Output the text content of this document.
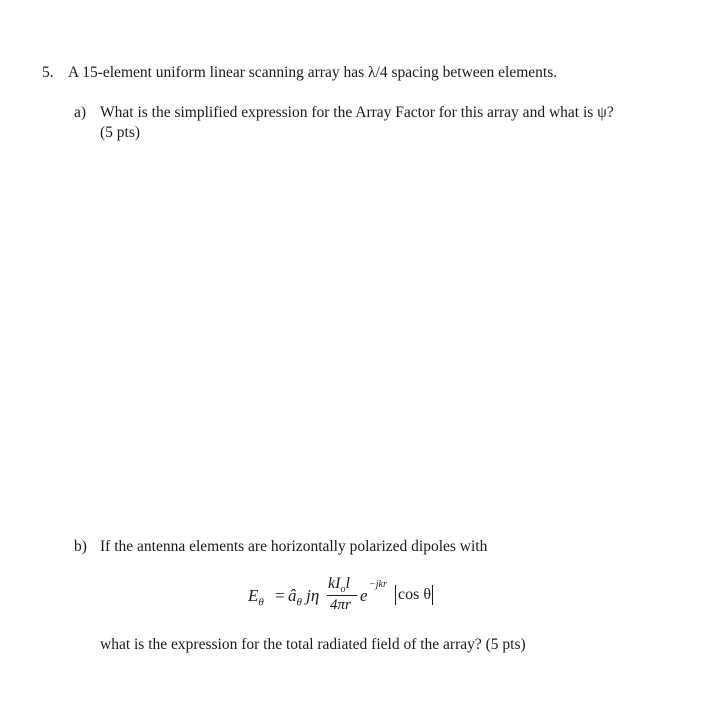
5. A 15-element uniform linear scanning array has λ/4 spacing between elements.
a) What is the simplified expression for the Array Factor for this array and what is ψ?
(5 pts)
b) If the antenna elements are horizontally polarized dipoles with
$E_\theta$ = $â_\theta$ jη
$kI_ol$
4πr e
−jkr
cos θ
what is the expression for the total radiated field of the array? (5 pts)
